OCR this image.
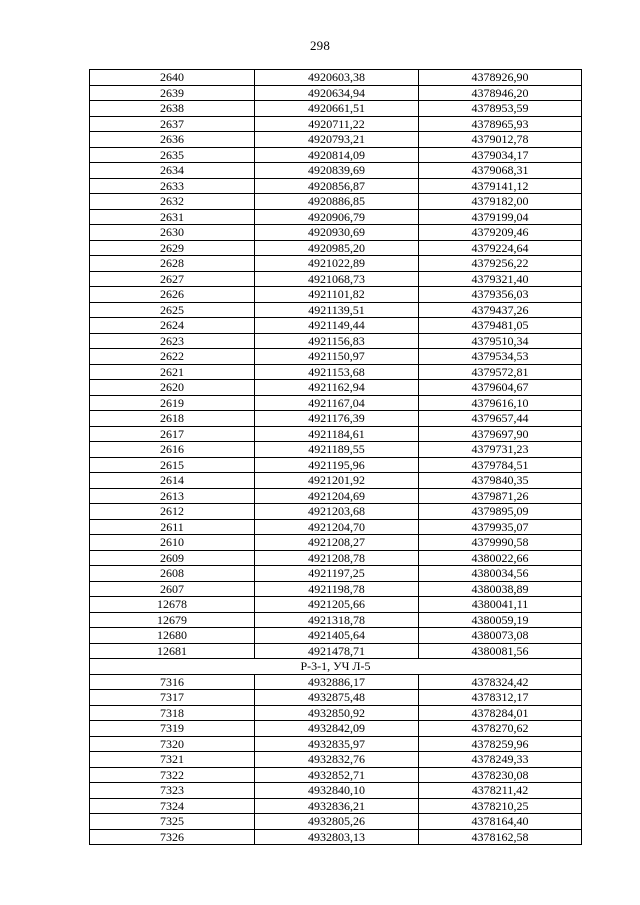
298
2640	4920603,38	4378926,90
2639	4920634,94	4378946,20
2638	4920661,51	4378953,59
2637	4920711,22	4378965,93
2636	4920793,21	4379012,78
2635	4920814,09	4379034,17
2634	4920839,69	4379068,31
2633	4920856,87	4379141,12
2632	4920886,85	4379182,00
2631	4920906,79	4379199,04
2630	4920930,69	4379209,46
2629	4920985,20	4379224,64
2628	4921022,89	4379256,22
2627	4921068,73	4379321,40
2626	4921101,82	4379356,03
2625	4921139,51	4379437,26
2624	4921149,44	4379481,05
2623	4921156,83	4379510,34
2622	4921150,97	4379534,53
2621	4921153,68	4379572,81
2620	4921162,94	4379604,67
2619	4921167,04	4379616,10
2618	4921176,39	4379657,44
2617	4921184,61	4379697,90
2616	4921189,55	4379731,23
2615	4921195,96	4379784,51
2614	4921201,92	4379840,35
2613	4921204,69	4379871,26
2612	4921203,68	4379895,09
2611	4921204,70	4379935,07
2610	4921208,27	4379990,58
2609	4921208,78	4380022,66
2608	4921197,25	4380034,56
2607	4921198,78	4380038,89
12678	4921205,66	4380041,11
12679	4921318,78	4380059,19
12680	4921405,64	4380073,08
12681	4921478,71	4380081,56
Р-3-1, УЧ Л-5		
7316	4932886,17	4378324,42
7317	4932875,48	4378312,17
7318	4932850,92	4378284,01
7319	4932842,09	4378270,62
7320	4932835,97	4378259,96
7321	4932832,76	4378249,33
7322	4932852,71	4378230,08
7323	4932840,10	4378211,42
7324	4932836,21	4378210,25
7325	4932805,26	4378164,40
7326	4932803,13	4378162,58
